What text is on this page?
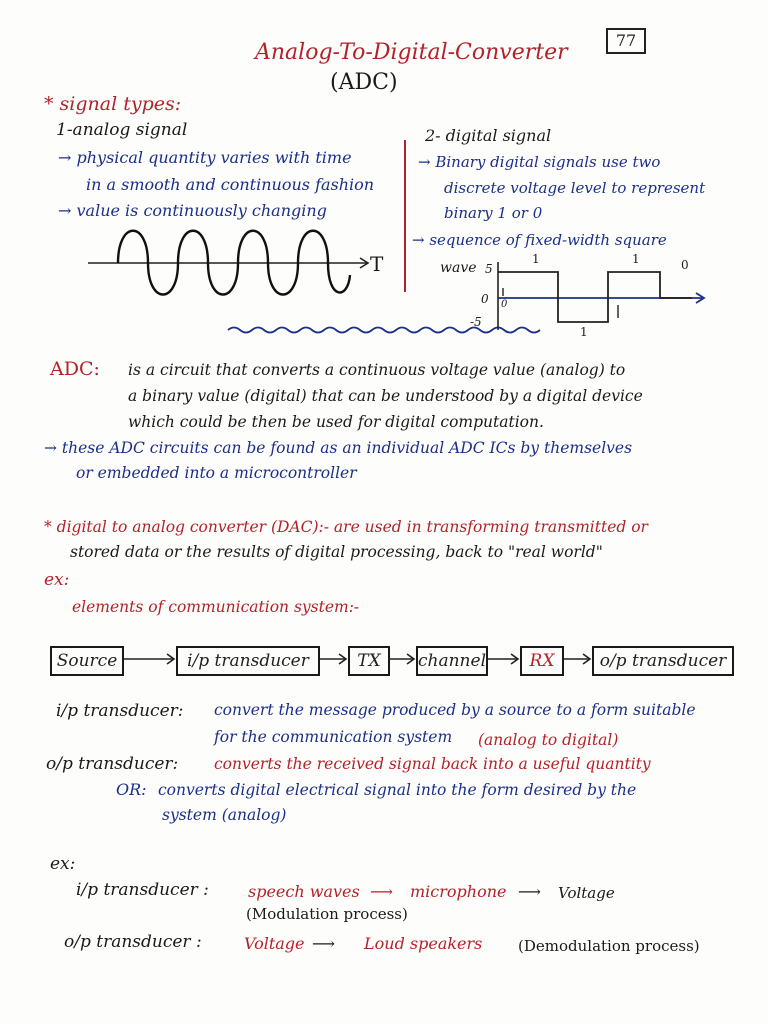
77
Analog-To-Digital-Converter
(ADC)
* signal types:
1-analog signal
→ physical quantity varies with time
in a smooth and continuous fashion
→ value is continuously changing
2- digital signal
→ Binary digital signals use two
discrete voltage level to represent
binary 1 or 0
→ sequence of fixed-width square
wave
T	5
0 0
-5
1
1
0
1
ADC: is a circuit that converts a continuous voltage value (analog) to
a binary value (digital) that can be understood by a digital device
which could be then be used for digital computation.
→ these ADC circuits can be found as an individual ADC ICs by themselves
or embedded into a microcontroller
* digital to analog converter (DAC):- are used in transforming transmitted or
stored data or the results of digital processing, back to "real world"
ex:
elements of communication system:-
Source	i/p transducer	TX	channel	RX	o/p transducer
i/p transducer: convert the message produced by a source to a form suitable
for the communication system (analog to digital)
o/p transducer: converts the received signal back into a useful quantity
OR: converts digital electrical signal into the form desired by the
system (analog)
ex:
i/p transducer : speech waves ⟶ microphone ⟶ Voltage
(Modulation process)
o/p transducer :	Voltage ⟶ Loud speakers (Demodulation process)
